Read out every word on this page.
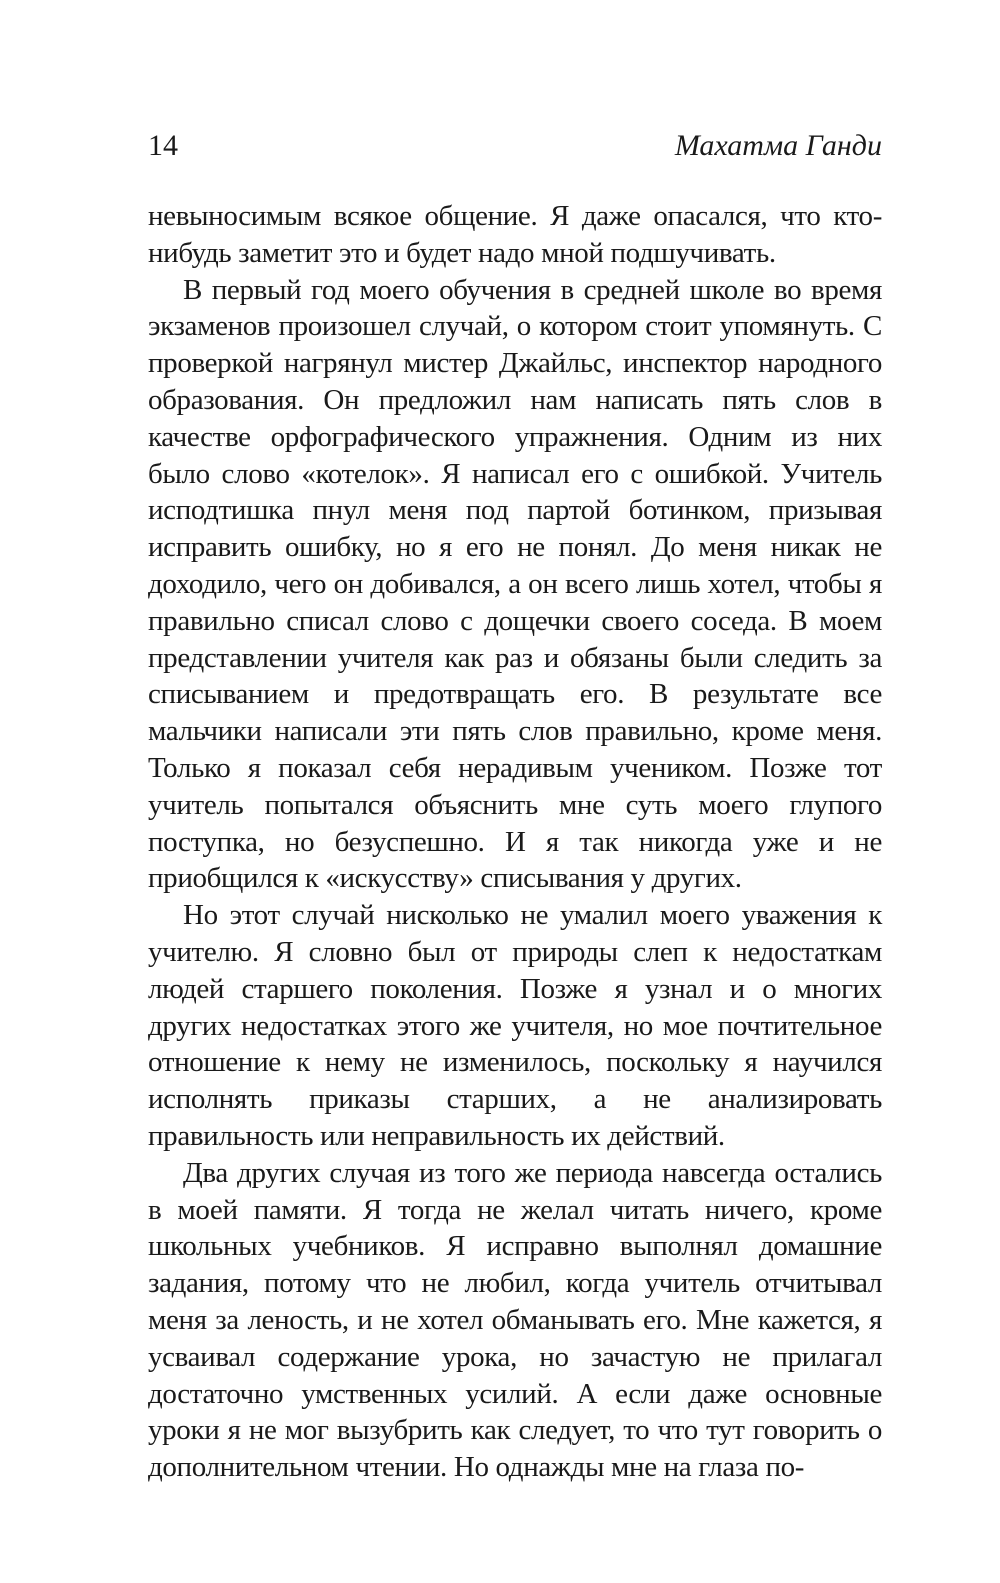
14	Махатма Ганди

невыносимым всякое общение. Я даже опасался, что кто-нибудь заметит это и будет надо мной подшучивать.

В первый год моего обучения в средней школе во время экзаменов произошел случай, о котором стоит упомянуть. С проверкой нагрянул мистер Джайльс, инспектор народного образования. Он предложил нам написать пять слов в качестве орфографического упражнения. Одним из них было слово «котелок». Я написал его с ошибкой. Учитель исподтишка пнул меня под партой ботинком, призывая исправить ошибку, но я его не понял. До меня никак не доходило, чего он добивался, а он всего лишь хотел, чтобы я правильно списал слово с дощечки своего соседа. В моем представлении учителя как раз и обязаны были следить за списыванием и предотвращать его. В результате все мальчики написали эти пять слов правильно, кроме меня. Только я показал себя нерадивым учеником. Позже тот учитель попытался объяснить мне суть моего глупого поступка, но безуспешно. И я так никогда уже и не приобщился к «искусству» списывания у других.

Но этот случай нисколько не умалил моего уважения к учителю. Я словно был от природы слеп к недостаткам людей старшего поколения. Позже я узнал и о многих других недостатках этого же учителя, но мое почтительное отношение к нему не изменилось, поскольку я научился исполнять приказы старших, а не анализировать правильность или неправильность их действий.

Два других случая из того же периода навсегда остались в моей памяти. Я тогда не желал читать ничего, кроме школьных учебников. Я исправно выполнял домашние задания, потому что не любил, когда учитель отчитывал меня за леность, и не хотел обманывать его. Мне кажется, я усваивал содержание урока, но зачастую не прилагал достаточно умственных усилий. А если даже основные уроки я не мог вызубрить как следует, то что тут говорить о дополнительном чтении. Но однажды мне на глаза по-
